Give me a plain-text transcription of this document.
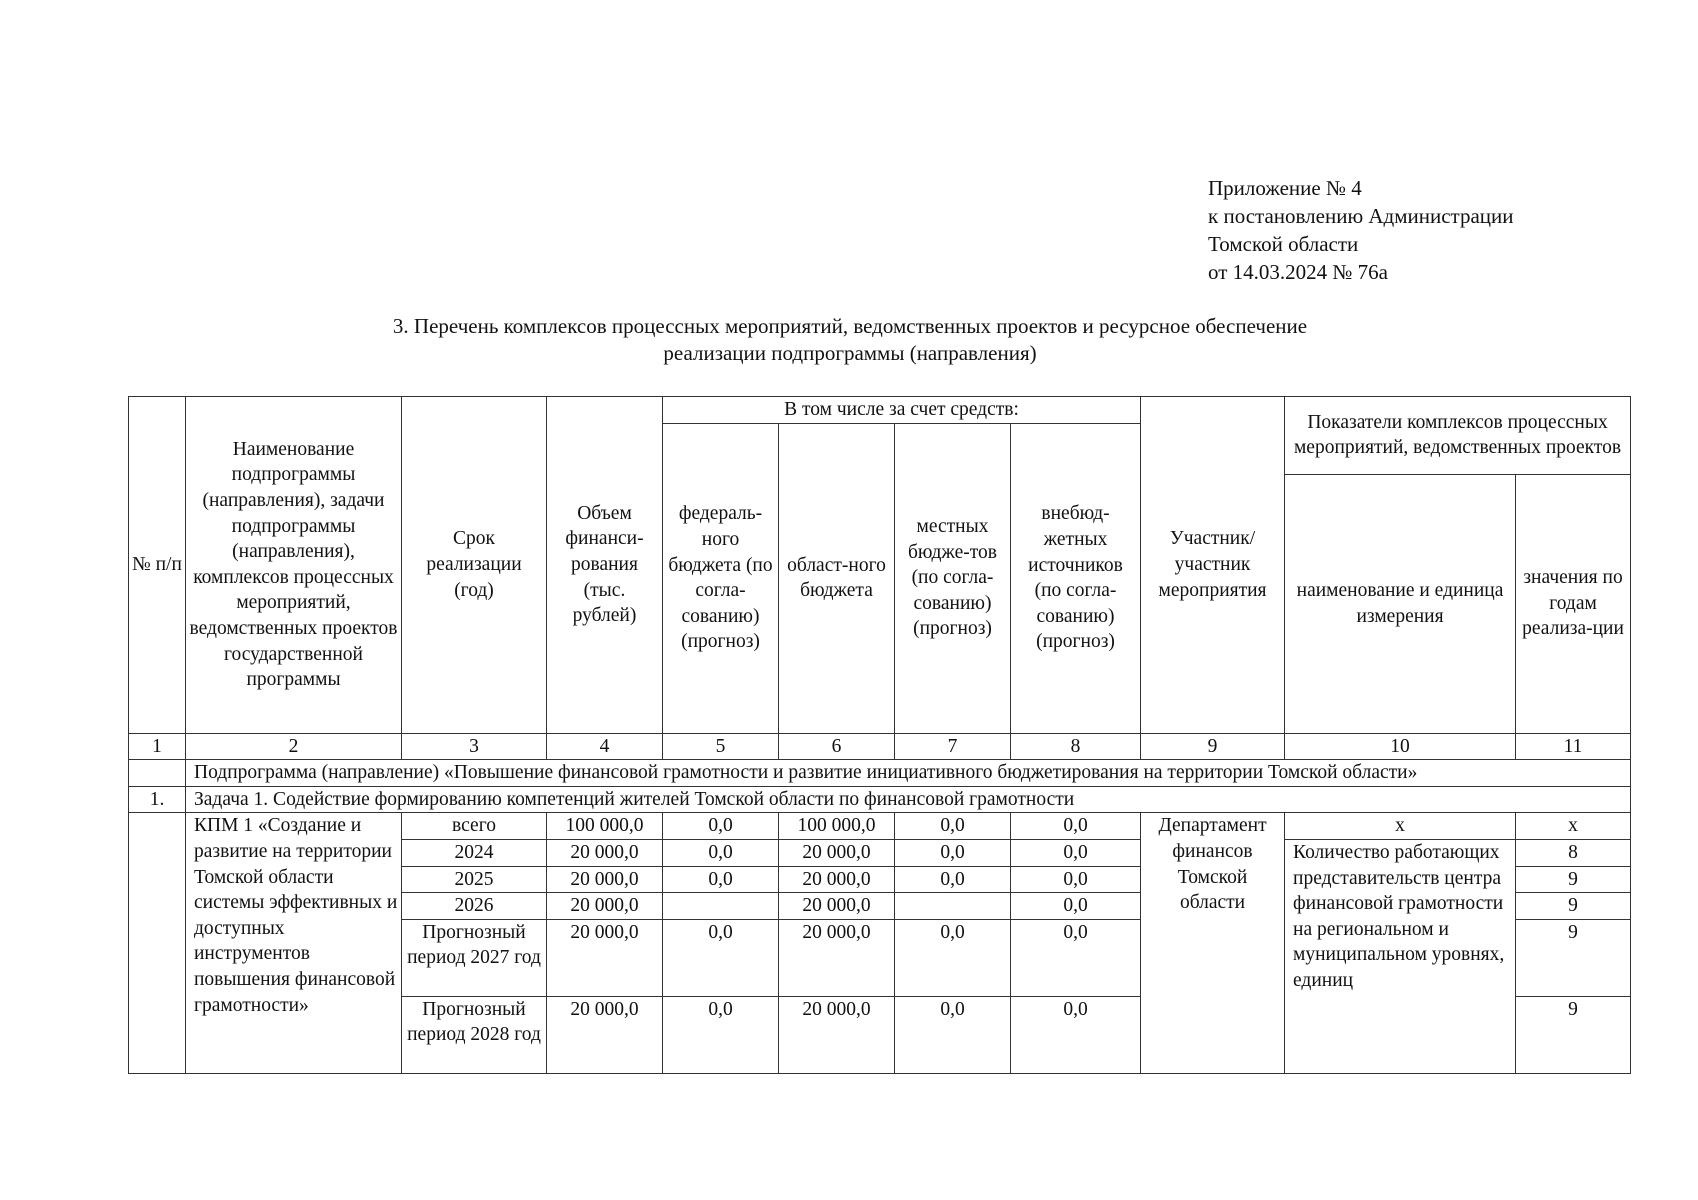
Приложение № 4
к постановлению Администрации
Томской области
от 14.03.2024 № 76а
3. Перечень комплексов процессных мероприятий, ведомственных проектов и ресурсное обеспечение
реализации подпрограммы (направления)
№ п/п	Наименование подпрограммы (направления), задачи подпрограммы (направления), комплексов процессных мероприятий, ведомственных проектов государственной программы	Срок реализации (год)	Объем финанси-рования (тыс. рублей)	В том числе за счет средств:				Участник/ участник мероприятия	Показатели комплексов процессных мероприятий, ведомственных проектов	
				федераль-ного бюджета (по согла-сованию) (прогноз)	област-ного бюджета	местных бюдже-тов (по согла-сованию) (прогноз)	внебюд-жетных источников (по согла-сованию) (прогноз)			
									наименование и единица измерения	значения по годам реализа-ции
1	2	3	4	5	6	7	8	9	10	11
	Подпрограмма (направление) «Повышение финансовой грамотности и развитие инициативного бюджетирования на территории Томской области»									
1.	Задача 1. Содействие формированию компетенций жителей Томской области по финансовой грамотности									
	КПМ 1 «Создание и развитие на территории Томской области системы эффективных и доступных инструментов повышения финансовой грамотности»	всего	100 000,0	0,0	100 000,0	0,0	0,0	Департамент финансов Томской области	х	х
		2024	20 000,0	0,0	20 000,0	0,0	0,0		Количество работающих представительств центра финансовой грамотности на региональном и муниципальном уровнях, единиц	8
		2025	20 000,0	0,0	20 000,0	0,0	0,0			9
		2026	20 000,0		20 000,0		0,0			9
		Прогнозный период 2027 год	20 000,0	0,0	20 000,0	0,0	0,0			9
		Прогнозный период 2028 год	20 000,0	0,0	20 000,0	0,0	0,0			9
